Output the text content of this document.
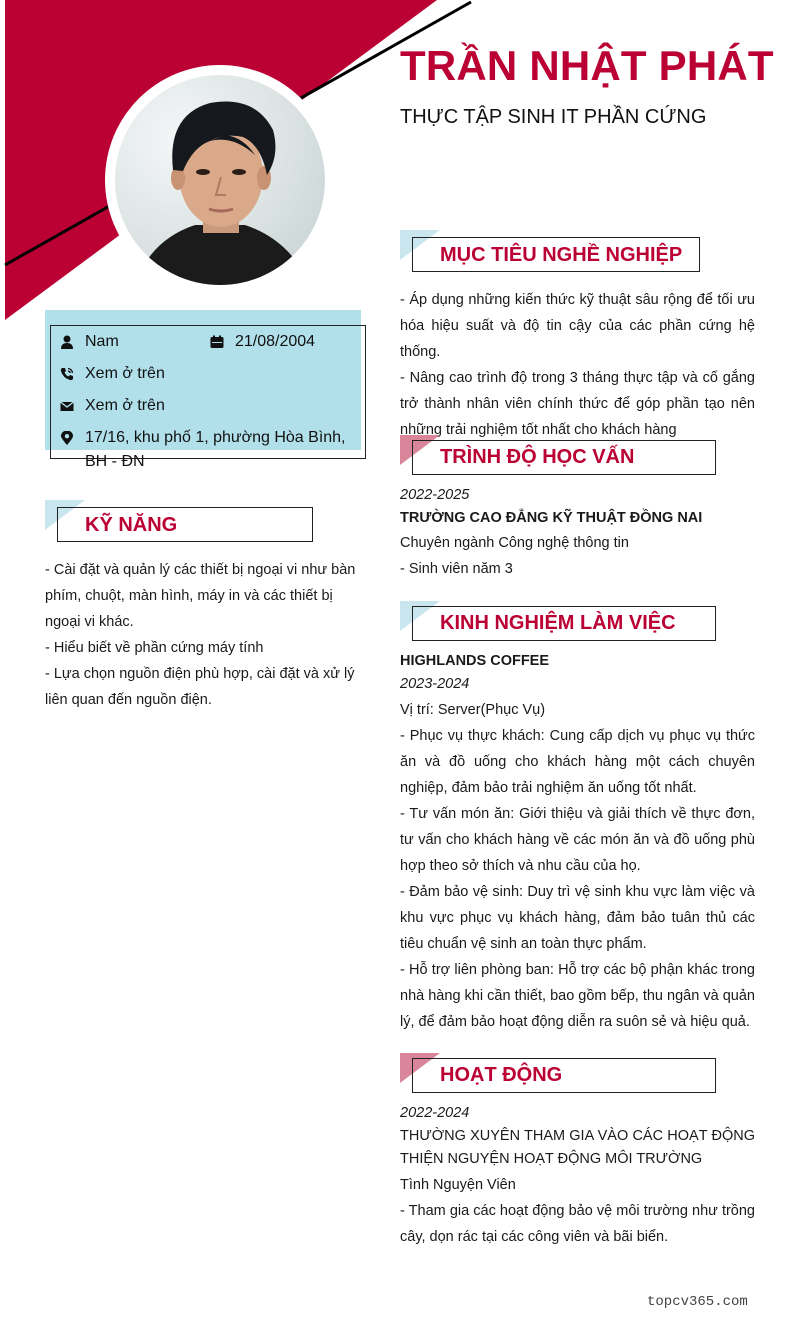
TRẦN NHẬT PHÁT
THỰC TẬP SINH IT PHẦN CỨNG
Nam	21/08/2004
Xem ở trên
Xem ở trên
17/16, khu phố 1, phường Hòa Bình, BH - ĐN
KỸ NĂNG

- Cài đặt và quản lý các thiết bị ngoại vi như bàn phím, chuột, màn hình, máy in và các thiết bị ngoại vi khác.

- Hiểu biết về phần cứng máy tính

- Lựa chọn nguồn điện phù hợp, cài đặt và xử lý liên quan đến nguồn điện.

MỤC TIÊU NGHỀ NGHIỆP

- Áp dụng những kiến thức kỹ thuật sâu rộng để tối ưu hóa hiệu suất và độ tin cậy của các phần cứng hệ thống.

- Nâng cao trình độ trong 3 tháng thực tập và cố gắng trở thành nhân viên chính thức để góp phần tạo nên những trải nghiệm tốt nhất cho khách hàng

TRÌNH ĐỘ HỌC VẤN

2022-2025

TRƯỜNG CAO ĐẲNG KỸ THUẬT ĐỒNG NAI

Chuyên ngành Công nghệ thông tin

- Sinh viên năm 3

KINH NGHIỆM LÀM VIỆC

HIGHLANDS COFFEE

2023-2024

Vị trí: Server(Phục Vụ)

- Phục vụ thực khách: Cung cấp dịch vụ phục vụ thức ăn và đồ uống cho khách hàng một cách chuyên nghiệp, đảm bảo trải nghiệm ăn uống tốt nhất.

- Tư vấn món ăn: Giới thiệu và giải thích về thực đơn, tư vấn cho khách hàng về các món ăn và đồ uống phù hợp theo sở thích và nhu cầu của họ.

- Đảm bảo vệ sinh: Duy trì vệ sinh khu vực làm việc và khu vực phục vụ khách hàng, đảm bảo tuân thủ các tiêu chuẩn vệ sinh an toàn thực phẩm.

- Hỗ trợ liên phòng ban: Hỗ trợ các bộ phận khác trong nhà hàng khi cần thiết, bao gồm bếp, thu ngân và quản lý, để đảm bảo hoạt động diễn ra suôn sẻ và hiệu quả.

HOẠT ĐỘNG

2022-2024

THƯỜNG XUYÊN THAM GIA VÀO CÁC HOẠT ĐỘNG THIỆN NGUYỆN HOẠT ĐỘNG MÔI TRƯỜNG

Tình Nguyện Viên

- Tham gia các hoạt động bảo vệ môi trường như trồng cây, dọn rác tại các công viên và bãi biển.

topcv365.com
